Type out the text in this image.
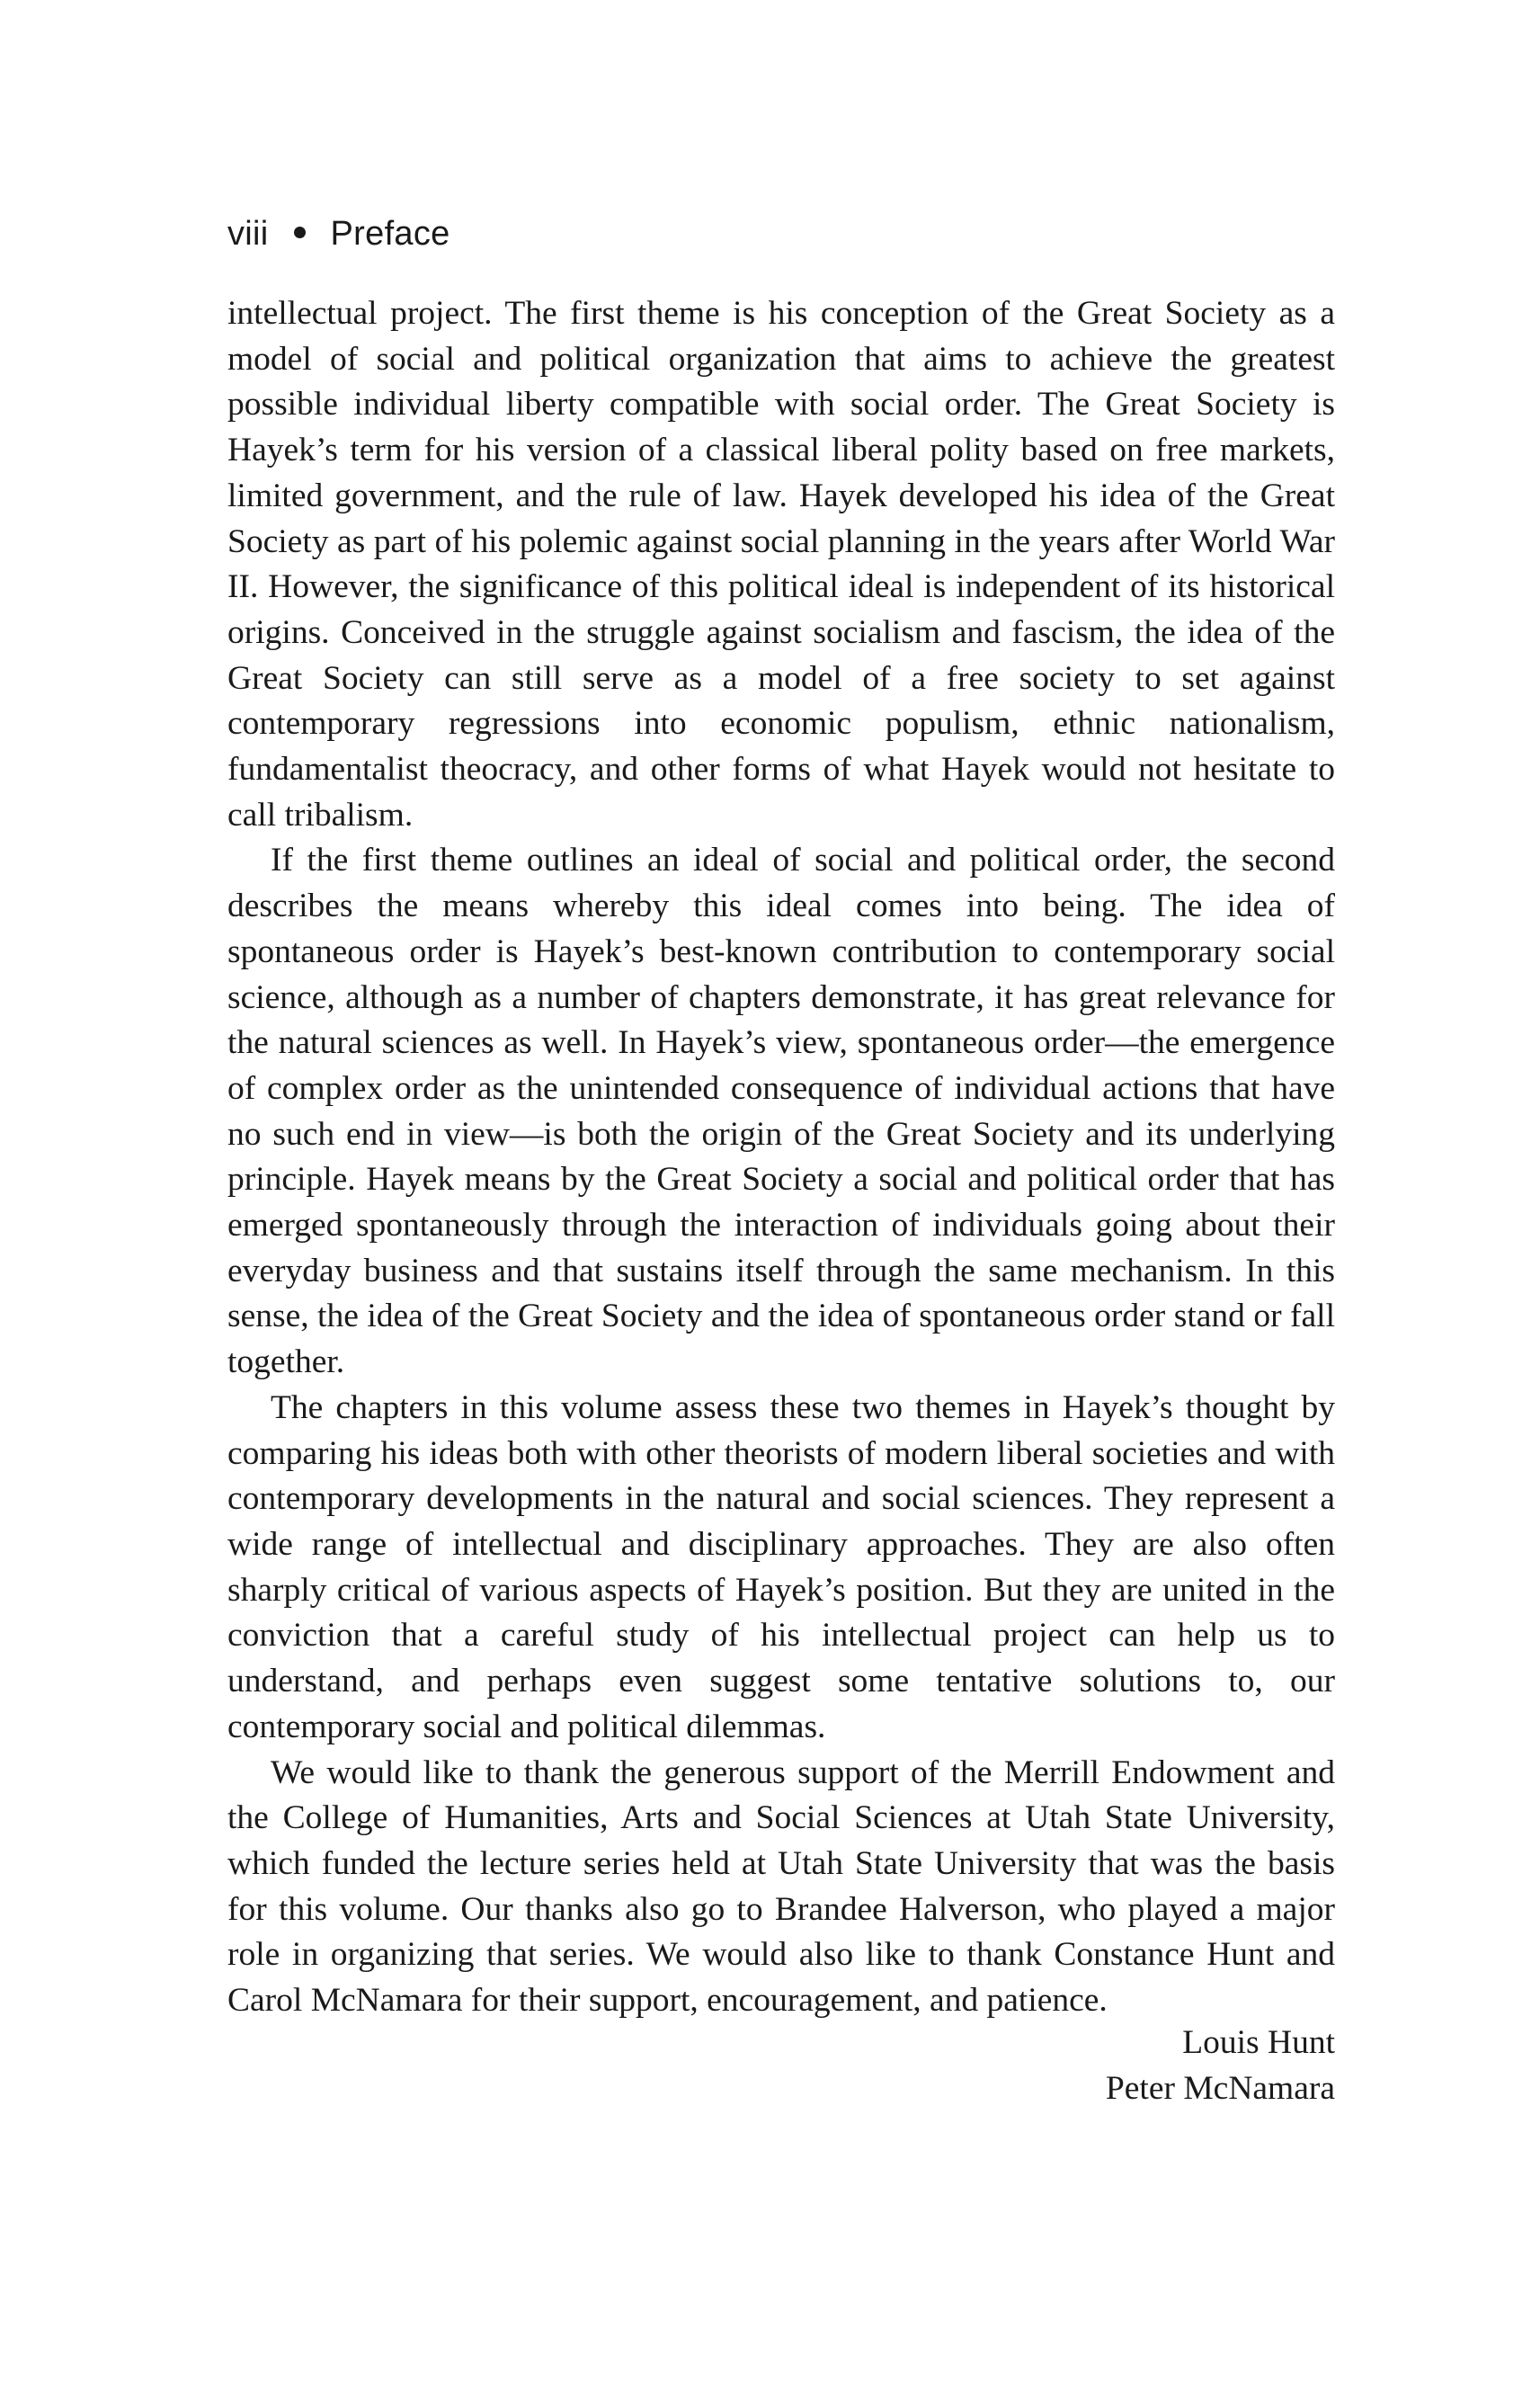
viii Preface

intellectual project. The first theme is his conception of the Great Society as a model of social and political organization that aims to achieve the greatest possible individual liberty compatible with social order. The Great Society is Hayek’s term for his version of a classical liberal polity based on free markets, limited government, and the rule of law. Hayek developed his idea of the Great Society as part of his polemic against social planning in the years after World War II. However, the significance of this political ideal is independent of its historical origins. Conceived in the struggle against socialism and fascism, the idea of the Great Society can still serve as a model of a free society to set against contemporary regressions into economic populism, ethnic nationalism, fundamentalist theocracy, and other forms of what Hayek would not hesitate to call tribalism.

If the first theme outlines an ideal of social and political order, the second describes the means whereby this ideal comes into being. The idea of spontaneous order is Hayek’s best-known contribution to contemporary social science, although as a number of chapters demonstrate, it has great relevance for the natural sciences as well. In Hayek’s view, spontaneous order—the emergence of complex order as the unintended consequence of individual actions that have no such end in view—is both the origin of the Great Society and its underlying principle. Hayek means by the Great Society a social and political order that has emerged spontaneously through the interaction of individuals going about their everyday business and that sustains itself through the same mechanism. In this sense, the idea of the Great Society and the idea of spontaneous order stand or fall together.

The chapters in this volume assess these two themes in Hayek’s thought by comparing his ideas both with other theorists of modern liberal societies and with contemporary developments in the natural and social sciences. They represent a wide range of intellectual and disciplinary approaches. They are also often sharply critical of various aspects of Hayek’s position. But they are united in the conviction that a careful study of his intellectual project can help us to understand, and perhaps even suggest some tentative solutions to, our contemporary social and political dilemmas.

We would like to thank the generous support of the Merrill Endowment and the College of Humanities, Arts and Social Sciences at Utah State University, which funded the lecture series held at Utah State University that was the basis for this volume. Our thanks also go to Brandee Halverson, who played a major role in organizing that series. We would also like to thank Constance Hunt and Carol McNamara for their support, encouragement, and patience.

Louis Hunt
Peter McNamara
